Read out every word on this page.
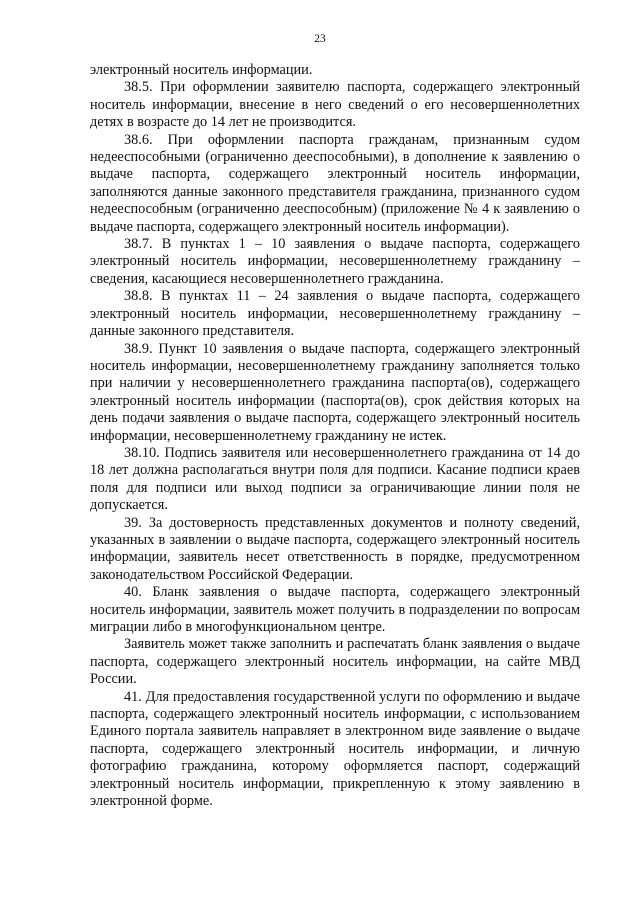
23

электронный носитель информации.

38.5. При оформлении заявителю паспорта, содержащего электронный носитель информации, внесение в него сведений о его несовершеннолетних детях в возрасте до 14 лет не производится.

38.6. При оформлении паспорта гражданам, признанным судом недееспособными (ограниченно дееспособными), в дополнение к заявлению о выдаче паспорта, содержащего электронный носитель информации, заполняются данные законного представителя гражданина, признанного судом недееспособным (ограниченно дееспособным) (приложение № 4 к заявлению о выдаче паспорта, содержащего электронный носитель информации).

38.7. В пунктах 1 – 10 заявления о выдаче паспорта, содержащего электронный носитель информации, несовершеннолетнему гражданину – сведения, касающиеся несовершеннолетнего гражданина.

38.8. В пунктах 11 – 24 заявления о выдаче паспорта, содержащего электронный носитель информации, несовершеннолетнему гражданину – данные законного представителя.

38.9. Пункт 10 заявления о выдаче паспорта, содержащего электронный носитель информации, несовершеннолетнему гражданину заполняется только при наличии у несовершеннолетнего гражданина паспорта(ов), содержащего электронный носитель информации (паспорта(ов), срок действия которых на день подачи заявления о выдаче паспорта, содержащего электронный носитель информации, несовершеннолетнему гражданину не истек.

38.10. Подпись заявителя или несовершеннолетнего гражданина от 14 до 18 лет должна располагаться внутри поля для подписи. Касание подписи краев поля для подписи или выход подписи за ограничивающие линии поля не допускается.

39. За достоверность представленных документов и полноту сведений, указанных в заявлении о выдаче паспорта, содержащего электронный носитель информации, заявитель несет ответственность в порядке, предусмотренном законодательством Российской Федерации.

40. Бланк заявления о выдаче паспорта, содержащего электронный носитель информации, заявитель может получить в подразделении по вопросам миграции либо в многофункциональном центре.

Заявитель может также заполнить и распечатать бланк заявления о выдаче паспорта, содержащего электронный носитель информации, на сайте МВД России.

41. Для предоставления государственной услуги по оформлению и выдаче паспорта, содержащего электронный носитель информации, с использованием Единого портала заявитель направляет в электронном виде заявление о выдаче паспорта, содержащего электронный носитель информации, и личную фотографию гражданина, которому оформляется паспорт, содержащий электронный носитель информации, прикрепленную к этому заявлению в электронной форме.
